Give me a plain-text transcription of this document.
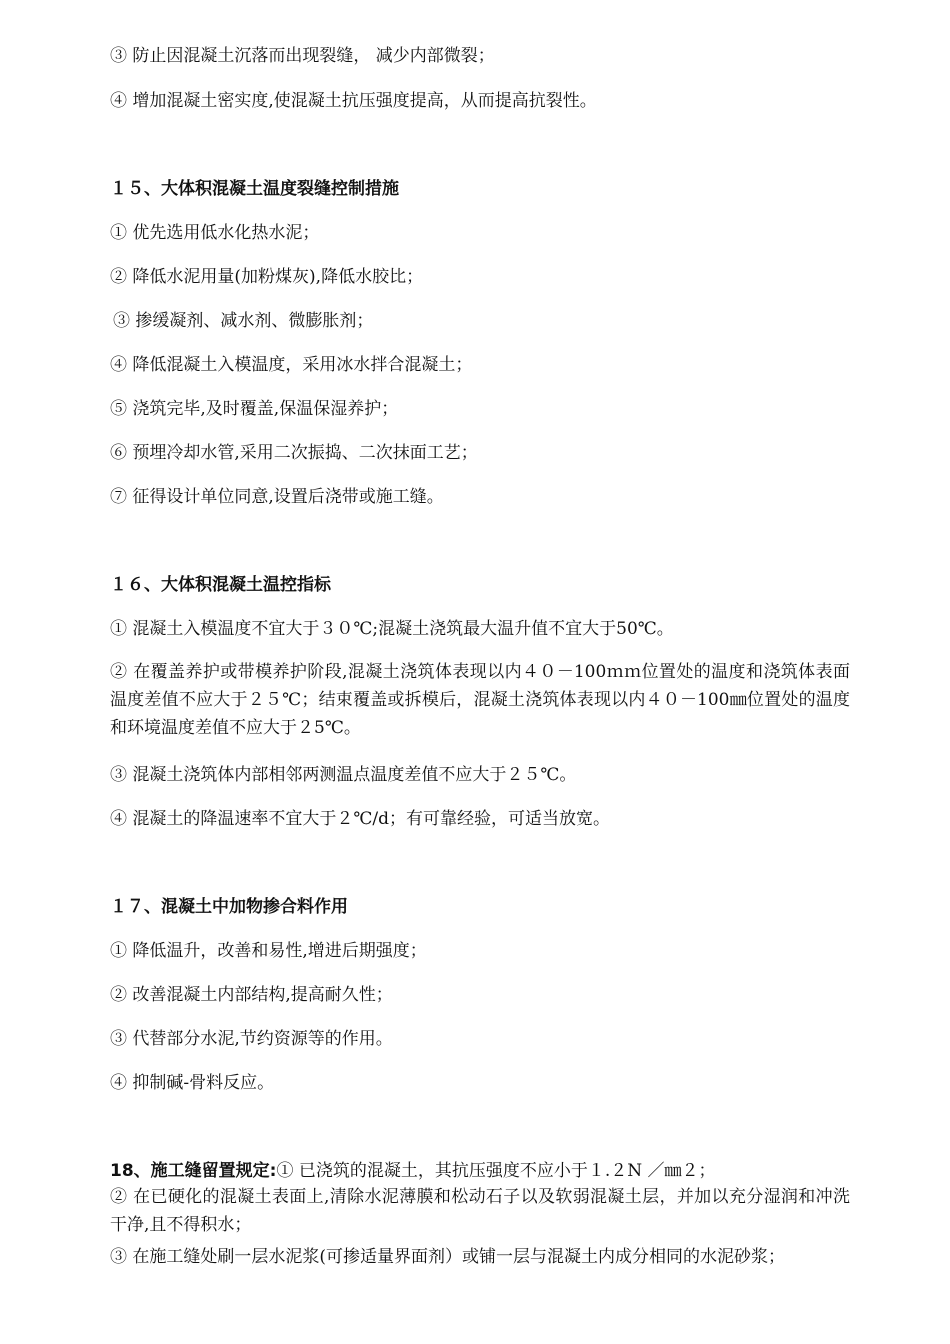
③ 防止因混凝土沉落而出现裂缝， 减少内部微裂；
④ 增加混凝土密实度,使混凝土抗压强度提高，从而提高抗裂性。
１５、大体积混凝土温度裂缝控制措施
① 优先选用低水化热水泥；
② 降低水泥用量(加粉煤灰),降低水胶比；
③ 掺缓凝剂、减水剂、微膨胀剂；
④ 降低混凝土入模温度，采用冰水拌合混凝土；
⑤ 浇筑完毕,及时覆盖,保温保湿养护；
⑥ 预埋冷却水管,采用二次振捣、二次抹面工艺；
⑦ 征得设计单位同意,设置后浇带或施工缝。
１６、大体积混凝土温控指标
① 混凝土入模温度不宜大于３０℃;混凝土浇筑最大温升值不宜大于50℃。
② 在覆盖养护或带模养护阶段,混凝土浇筑体表现以内４０－100ｍｍ位置处的温度和浇筑体表面温度差值不应大于２５℃；结束覆盖或拆模后，混凝土浇筑体表现以内４０－100㎜位置处的温度和环境温度差值不应大于２5℃。
③ 混凝土浇筑体内部相邻两测温点温度差值不应大于２５℃。
④ 混凝土的降温速率不宜大于２℃/d；有可靠经验，可适当放宽。
１７、混凝土中加物掺合料作用
① 降低温升，改善和易性,增进后期强度；
② 改善混凝土内部结构,提高耐久性；
③ 代替部分水泥,节约资源等的作用。
④ 抑制碱-骨料反应。
18、施工缝留置规定:① 已浇筑的混凝土，其抗压强度不应小于１.２N ／㎜２；
② 在已硬化的混凝土表面上,清除水泥薄膜和松动石子以及软弱混凝土层，并加以充分湿润和冲洗干净,且不得积水；
③ 在施工缝处刷一层水泥浆(可掺适量界面剂）或铺一层与混凝土内成分相同的水泥砂浆；
